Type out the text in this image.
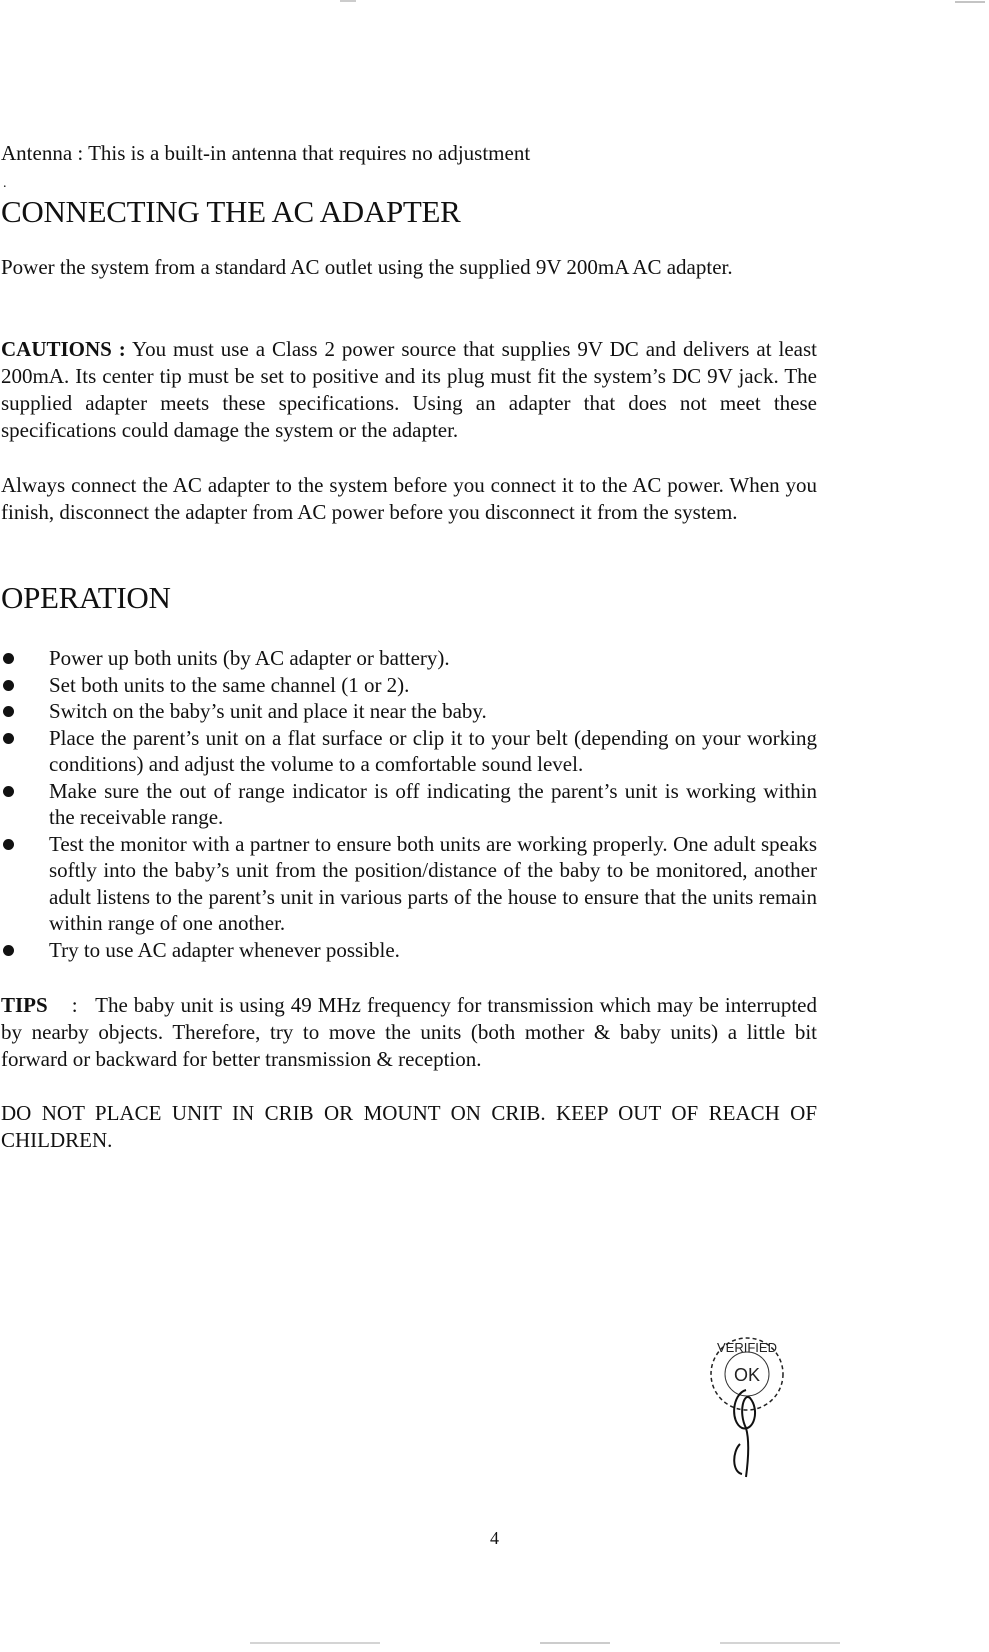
Antenna : This is a built-in antenna that requires no adjustment
.
CONNECTING THE AC ADAPTER
Power the system from a standard AC outlet using the supplied 9V 200mA AC adapter.
CAUTIONS : You must use a Class 2 power source that supplies 9V DC and delivers at least 200mA. Its center tip must be set to positive and its plug must fit the system’s DC 9V jack. The supplied adapter meets these specifications. Using an adapter that does not meet these specifications could damage the system or the adapter.
Always connect the AC adapter to the system before you connect it to the AC power. When you finish, disconnect the adapter from AC power before you disconnect it from the system.
OPERATION
Power up both units (by AC adapter or battery).
Set both units to the same channel (1 or 2).
Switch on the baby’s unit and place it near the baby.
Place the parent’s unit on a flat surface or clip it to your belt (depending on your working conditions) and adjust the volume to a comfortable sound level.
Make sure the out of range indicator is off indicating the parent’s unit is working within the receivable range.
Test the monitor with a partner to ensure both units are working properly. One adult speaks softly into the baby’s unit from the position/distance of the baby to be monitored, another adult listens to the parent’s unit in various parts of the house to ensure that the units remain within range of one another.
Try to use AC adapter whenever possible.
TIPS : The baby unit is using 49 MHz frequency for transmission which may be interrupted by nearby objects. Therefore, try to move the units (both mother & baby units) a little bit forward or backward for better transmission & reception.
DO NOT PLACE UNIT IN CRIB OR MOUNT ON CRIB. KEEP OUT OF REACH OF CHILDREN.
VERIFIED
OK
4
